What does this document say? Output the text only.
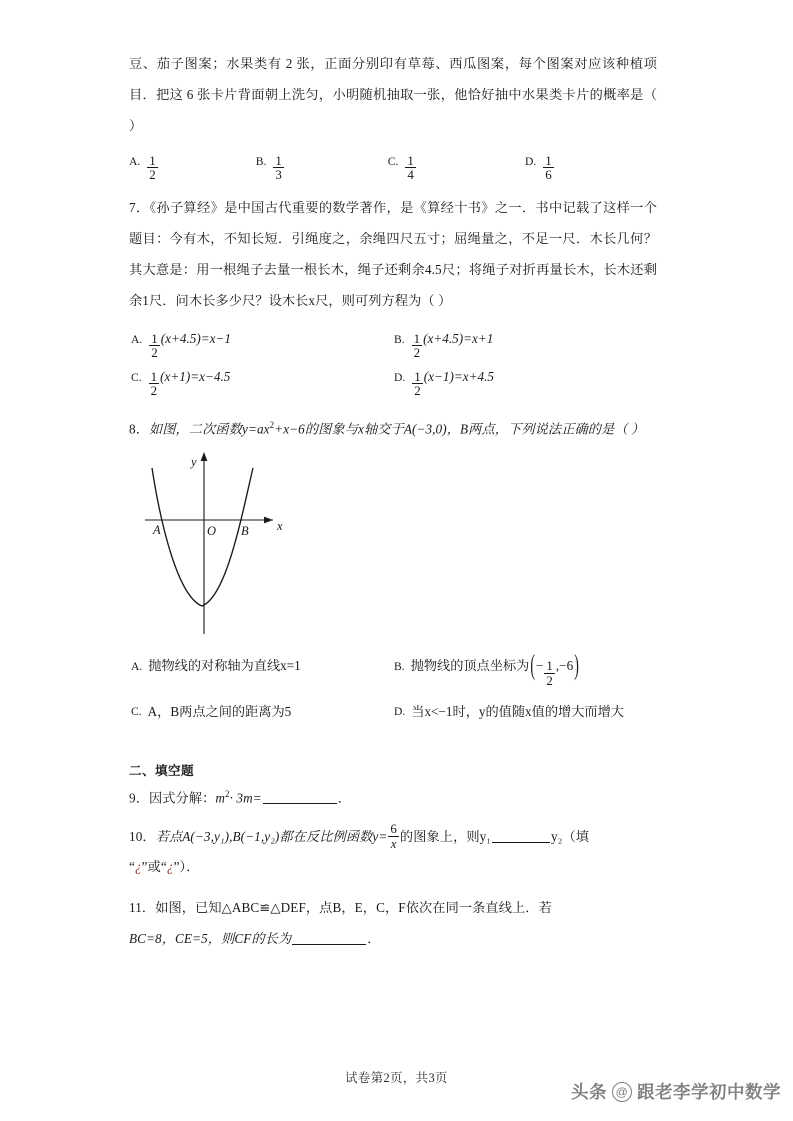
豆、茄子图案；水果类有 2 张，正面分别印有草莓、西瓜图案，每个图案对应该种植项目．把这 6 张卡片背面朝上洗匀，小明随机抽取一张，他恰好抽中水果类卡片的概率是（ ）
A. $\frac{1}{2}$	B. $\frac{1}{3}$	C. $\frac{1}{4}$	D. $\frac{1}{6}$
7．《孙子算经》是中国古代重要的数学著作，是《算经十书》之一．书中记载了这样一个题目：今有木，不知长短．引绳度之，余绳四尺五寸；屈绳量之，不足一尺．木长几何？其大意是：用一根绳子去量一根长木，绳子还剩余4.5尺；将绳子对折再量长木，长木还剩余1尺．问木长多少尺？设木长x尺，则可列方程为（ ）
A. $\frac{1}{2} (x+4.5)=x-1$	B. $\frac{1}{2} (x+4.5)=x+1$
C. $\frac{1}{2} (x+1)=x-4.5$	D. $\frac{1}{2} (x-1)=x+4.5$
8．如图，二次函数$y=ax^2+x-6$的图象与x轴交于A(−3,0)，B两点，下列说法正确的是（ ）
A	O B x
y
A. 抛物线的对称轴为直线x=1	B. 抛物线的顶点坐标为 ( − $\frac{1}{2} ,-6$ )
C. A，B两点之间的距离为5	D. 当x<−1时，y的值随x值的增大而增大
二、填空题
9．因式分解：$m^2\cdot 3m=$	．
10．若点A(−3,y₁),B(−1,y₂)都在反比例函数$y= \frac{6}{x}$ 的图象上，则y₁	y₂（填
“¿”或“¿”）．
11．如图，已知△ABC≌△DEF，点B，E，C，F依次在同一条直线上．若
BC=8，CE=5，则CF的长为	．
试卷第2页，共3页
头条 @ 跟老李学初中数学
